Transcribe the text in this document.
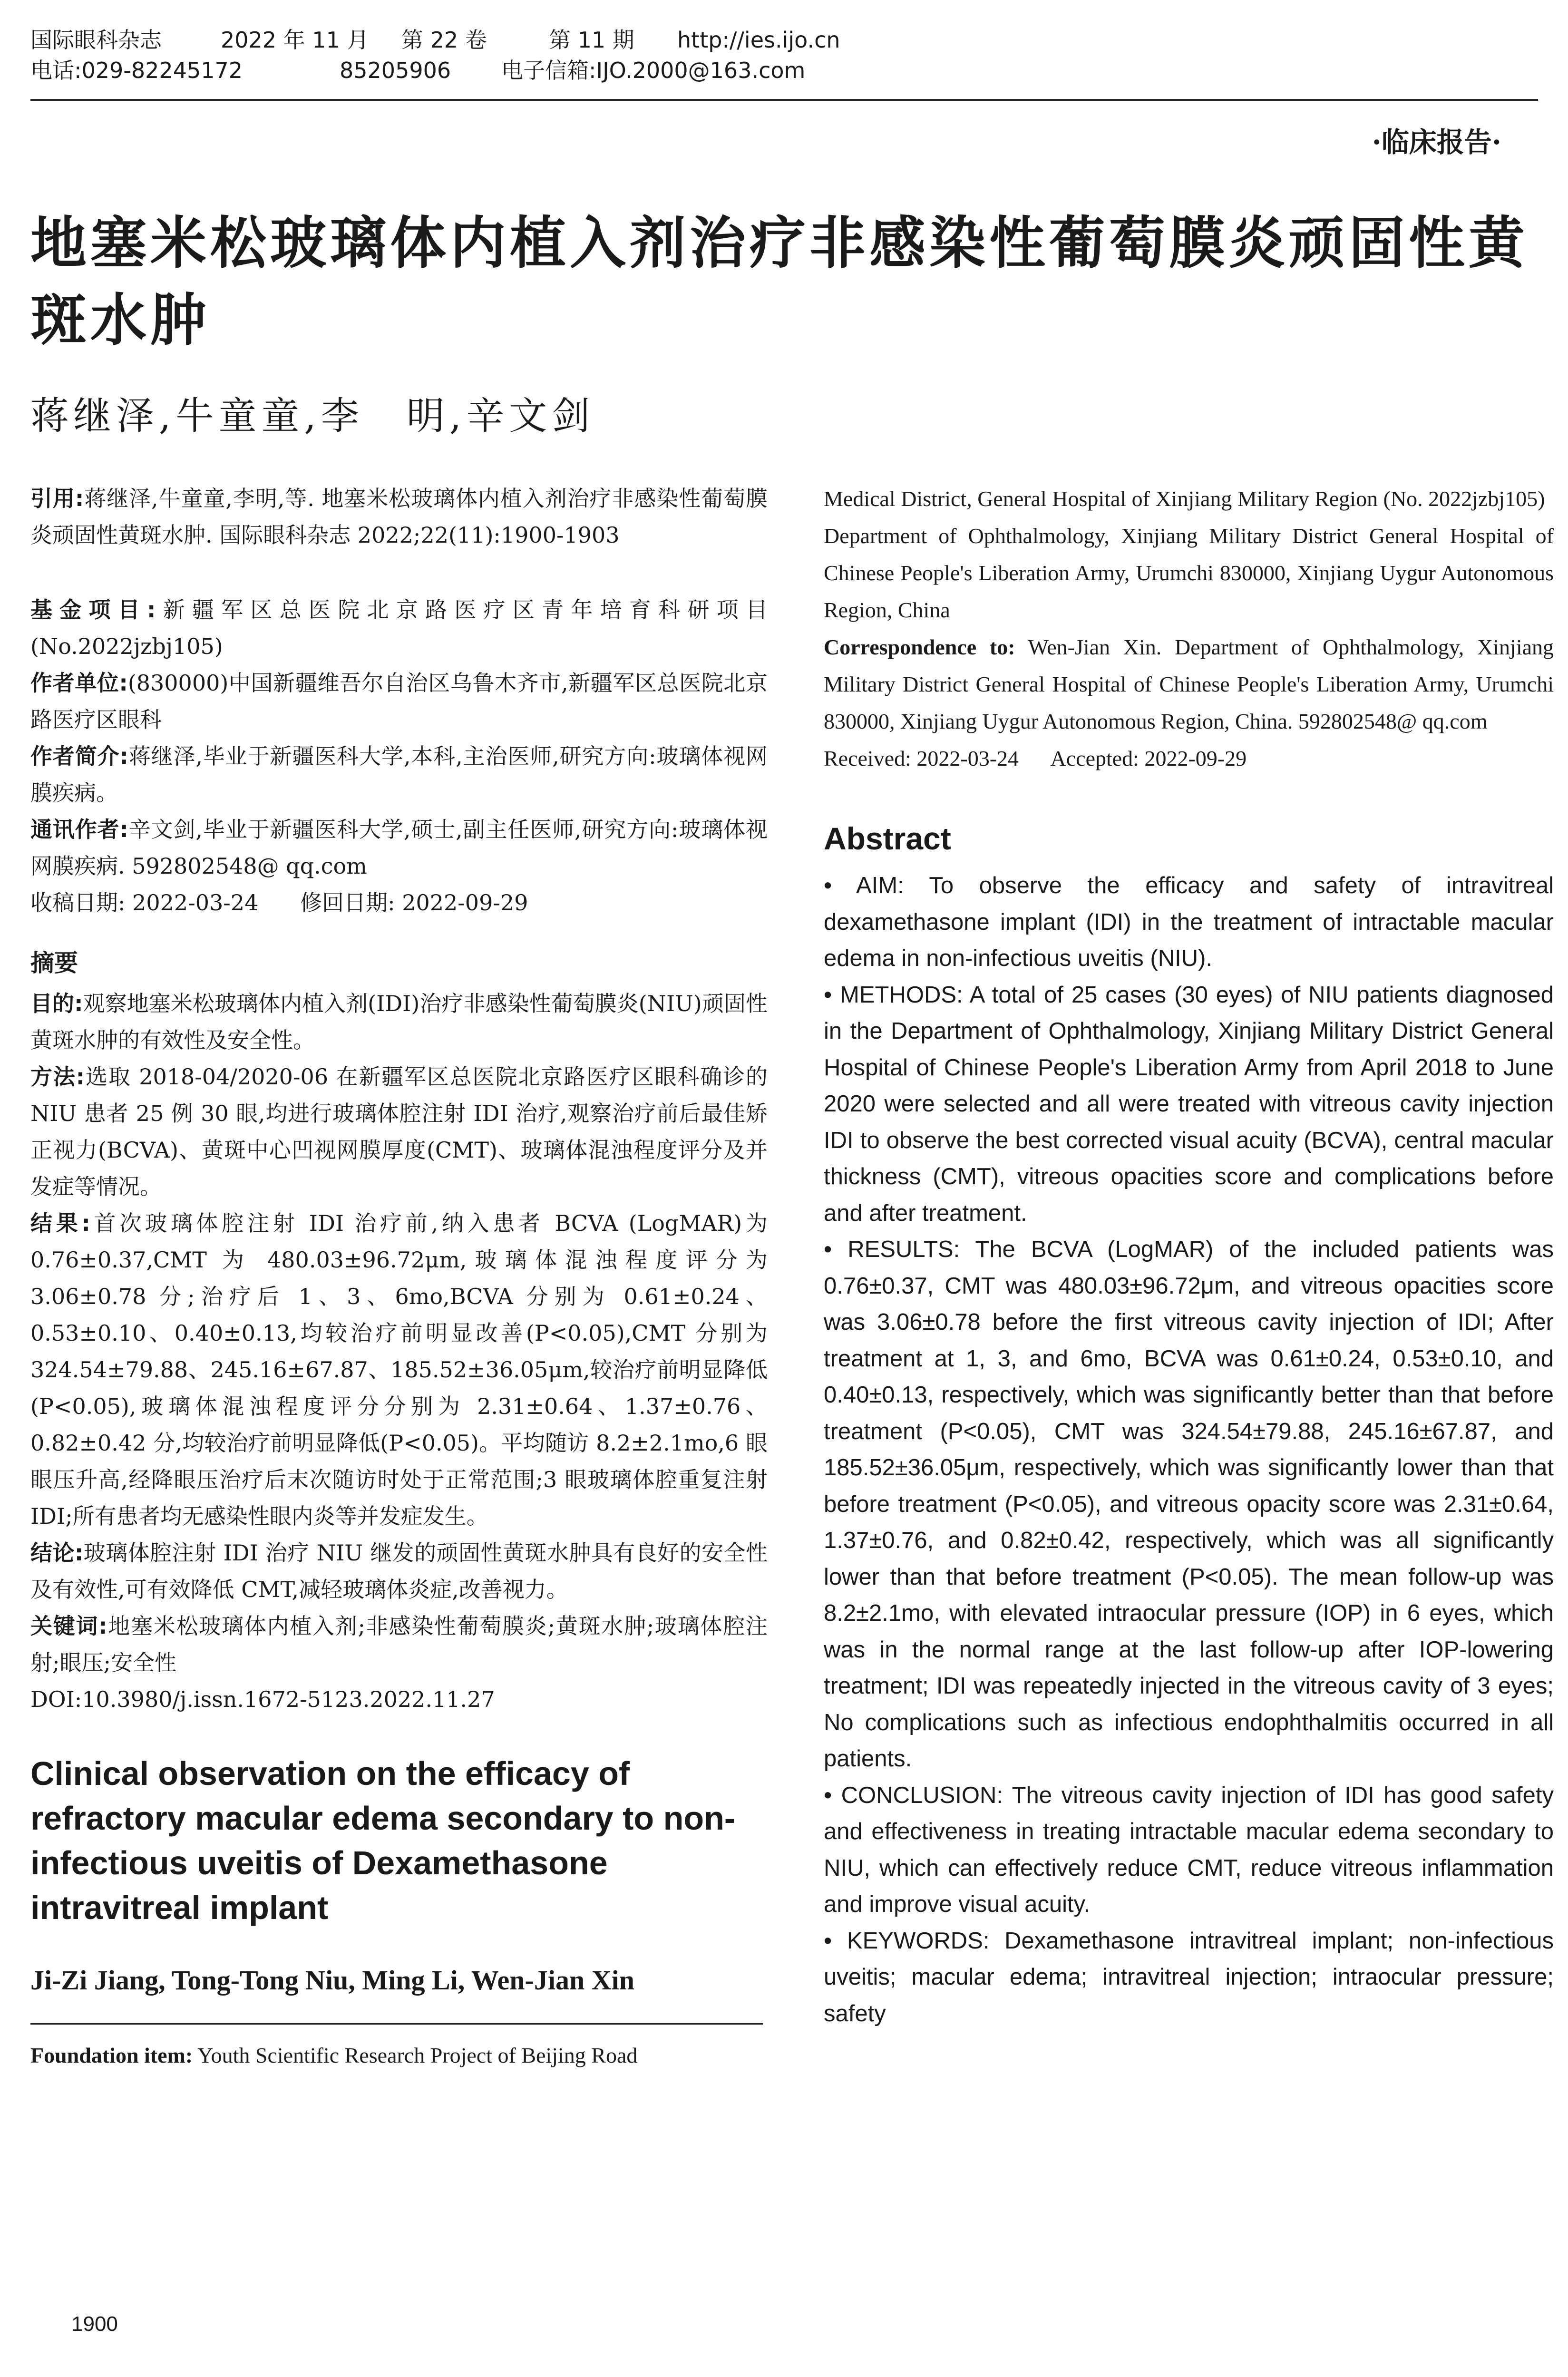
国际眼科杂志	2022 年 11 月	第 22 卷	第 11 期	http://ies.ijo.cn
电话:029-82245172	85205906	电子信箱:IJO.2000@163.com
·临床报告·
地塞米松玻璃体内植入剂治疗非感染性葡萄膜炎顽固性黄斑水肿
蒋继泽,牛童童,李　明,辛文剑

引用:蒋继泽,牛童童,李明,等. 地塞米松玻璃体内植入剂治疗非感染性葡萄膜炎顽固性黄斑水肿. 国际眼科杂志 2022;22(11):1900-1903

基金项目:新疆军区总医院北京路医疗区青年培育科研项目(No.2022jzbj105)

作者单位:(830000)中国新疆维吾尔自治区乌鲁木齐市,新疆军区总医院北京路医疗区眼科

作者简介:蒋继泽,毕业于新疆医科大学,本科,主治医师,研究方向:玻璃体视网膜疾病。

通讯作者:辛文剑,毕业于新疆医科大学,硕士,副主任医师,研究方向:玻璃体视网膜疾病. 592802548@ qq.com

收稿日期: 2022-03-24 修回日期: 2022-09-29

摘要

目的:观察地塞米松玻璃体内植入剂(IDI)治疗非感染性葡萄膜炎(NIU)顽固性黄斑水肿的有效性及安全性。

方法:选取 2018-04/2020-06 在新疆军区总医院北京路医疗区眼科确诊的 NIU 患者 25 例 30 眼,均进行玻璃体腔注射 IDI 治疗,观察治疗前后最佳矫正视力(BCVA)、黄斑中心凹视网膜厚度(CMT)、玻璃体混浊程度评分及并发症等情况。

结果:首次玻璃体腔注射 IDI 治疗前,纳入患者 BCVA (LogMAR)为 0.76±0.37,CMT 为 480.03±96.72μm,玻璃体混浊程度评分为 3.06±0.78 分;治疗后 1、3、6mo,BCVA 分别为 0.61±0.24、0.53±0.10、0.40±0.13,均较治疗前明显改善(P<0.05),CMT 分别为 324.54±79.88、245.16±67.87、185.52±36.05μm,较治疗前明显降低(P<0.05),玻璃体混浊程度评分分别为 2.31±0.64、1.37±0.76、0.82±0.42 分,均较治疗前明显降低(P<0.05)。平均随访 8.2±2.1mo,6 眼眼压升高,经降眼压治疗后末次随访时处于正常范围;3 眼玻璃体腔重复注射 IDI;所有患者均无感染性眼内炎等并发症发生。

结论:玻璃体腔注射 IDI 治疗 NIU 继发的顽固性黄斑水肿具有良好的安全性及有效性,可有效降低 CMT,减轻玻璃体炎症,改善视力。

关键词:地塞米松玻璃体内植入剂;非感染性葡萄膜炎;黄斑水肿;玻璃体腔注射;眼压;安全性

DOI:10.3980/j.issn.1672-5123.2022.11.27

Clinical observation on the efficacy of refractory macular edema secondary to non-infectious uveitis of Dexamethasone intravitreal implant
Ji-Zi Jiang, Tong-Tong Niu, Ming Li, Wen-Jian Xin

Foundation item: Youth Scientific Research Project of Beijing Road

Medical District, General Hospital of Xinjiang Military Region (No. 2022jzbj105)

Department of Ophthalmology, Xinjiang Military District General Hospital of Chinese People's Liberation Army, Urumchi 830000, Xinjiang Uygur Autonomous Region, China

Correspondence to: Wen-Jian Xin. Department of Ophthalmology, Xinjiang Military District General Hospital of Chinese People's Liberation Army, Urumchi 830000, Xinjiang Uygur Autonomous Region, China. 592802548@ qq.com

Received: 2022-03-24 Accepted: 2022-09-29

Abstract

• AIM: To observe the efficacy and safety of intravitreal dexamethasone implant (IDI) in the treatment of intractable macular edema in non-infectious uveitis (NIU).

• METHODS: A total of 25 cases (30 eyes) of NIU patients diagnosed in the Department of Ophthalmology, Xinjiang Military District General Hospital of Chinese People's Liberation Army from April 2018 to June 2020 were selected and all were treated with vitreous cavity injection IDI to observe the best corrected visual acuity (BCVA), central macular thickness (CMT), vitreous opacities score and complications before and after treatment.

• RESULTS: The BCVA (LogMAR) of the included patients was 0.76±0.37, CMT was 480.03±96.72μm, and vitreous opacities score was 3.06±0.78 before the first vitreous cavity injection of IDI; After treatment at 1, 3, and 6mo, BCVA was 0.61±0.24, 0.53±0.10, and 0.40±0.13, respectively, which was significantly better than that before treatment (P<0.05), CMT was 324.54±79.88, 245.16±67.87, and 185.52±36.05μm, respectively, which was significantly lower than that before treatment (P<0.05), and vitreous opacity score was 2.31±0.64, 1.37±0.76, and 0.82±0.42, respectively, which was all significantly lower than that before treatment (P<0.05). The mean follow-up was 8.2±2.1mo, with elevated intraocular pressure (IOP) in 6 eyes, which was in the normal range at the last follow-up after IOP-lowering treatment; IDI was repeatedly injected in the vitreous cavity of 3 eyes; No complications such as infectious endophthalmitis occurred in all patients.

• CONCLUSION: The vitreous cavity injection of IDI has good safety and effectiveness in treating intractable macular edema secondary to NIU, which can effectively reduce CMT, reduce vitreous inflammation and improve visual acuity.

• KEYWORDS: Dexamethasone intravitreal implant; non-infectious uveitis; macular edema; intravitreal injection; intraocular pressure; safety

1900
